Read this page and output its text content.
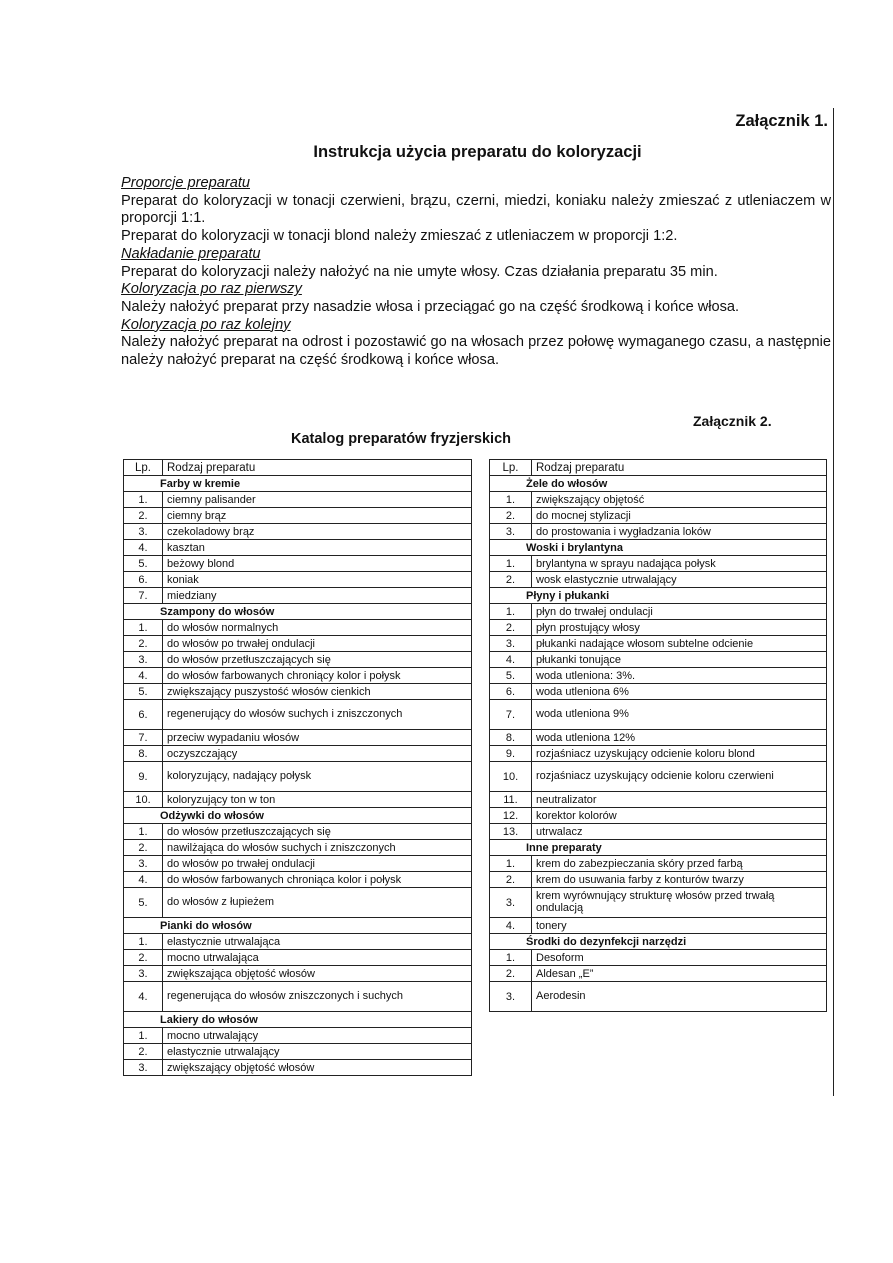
Załącznik 1.
Instrukcja użycia preparatu do koloryzacji
Proporcje preparatu
Preparat do koloryzacji w tonacji czerwieni, brązu, czerni, miedzi, koniaku należy zmieszać z utleniaczem w proporcji 1:1.
Preparat do koloryzacji w tonacji blond należy zmieszać z utleniaczem w proporcji 1:2.
Nakładanie preparatu
Preparat do koloryzacji należy nałożyć na nie umyte włosy. Czas działania preparatu 35 min.
Koloryzacja po raz pierwszy
Należy nałożyć preparat przy nasadzie włosa i przeciągać go na część środkową i końce włosa.
Koloryzacja po raz kolejny
Należy nałożyć preparat na odrost i pozostawić go na włosach przez połowę wymaganego czasu, a następnie należy nałożyć preparat na część środkową i końce włosa.
Załącznik 2.
Katalog preparatów fryzjerskich
Lp.	Rodzaj preparatu
Farby w kremie	
1.	ciemny palisander
2.	ciemny brąz
3.	czekoladowy brąz
4.	kasztan
5.	beżowy blond
6.	koniak
7.	miedziany
Szampony do włosów	
1.	do włosów normalnych
2.	do włosów po trwałej ondulacji
3.	do włosów przetłuszczających się
4.	do włosów farbowanych chroniący kolor i połysk
5.	zwiększający puszystość włosów cienkich
6.	regenerujący do włosów suchych i zniszczonych
7.	przeciw wypadaniu włosów
8.	oczyszczający
9.	koloryzujący, nadający połysk
10.	koloryzujący ton w ton
Odżywki do włosów	
1.	do włosów przetłuszczających się
2.	nawilżająca do włosów suchych i zniszczonych
3.	do włosów po trwałej ondulacji
4.	do włosów farbowanych chroniąca kolor i połysk
5.	do włosów z łupieżem
Pianki do włosów	
1.	elastycznie utrwalająca
2.	mocno utrwalająca
3.	zwiększająca objętość włosów
4.	regenerująca do włosów zniszczonych i suchych
Lakiery do włosów	
1.	mocno utrwalający
2.	elastycznie utrwalający
3.	zwiększający objętość włosów
Lp.	Rodzaj preparatu
Żele do włosów	
1.	zwiększający objętość
2.	do mocnej stylizacji
3.	do prostowania i wygładzania loków
Woski i brylantyna	
1.	brylantyna w sprayu nadająca połysk
2.	wosk elastycznie utrwalający
Płyny i płukanki	
1.	płyn do trwałej ondulacji
2.	płyn prostujący włosy
3.	płukanki nadające włosom subtelne odcienie
4.	płukanki tonujące
5.	woda utleniona: 3%.
6.	woda utleniona 6%
7.	woda utleniona 9%
8.	woda utleniona 12%
9.	rozjaśniacz uzyskujący odcienie koloru blond
10.	rozjaśniacz uzyskujący odcienie koloru czerwieni
11.	neutralizator
12.	korektor kolorów
13.	utrwalacz
Inne preparaty	
1.	krem do zabezpieczania skóry przed farbą
2.	krem do usuwania farby z konturów twarzy
3.	krem wyrównujący strukturę włosów przed trwałą ondulacją
4.	tonery
Środki do dezynfekcji narzędzi	
1.	Desoform
2.	Aldesan „E”
3.	Aerodesin
